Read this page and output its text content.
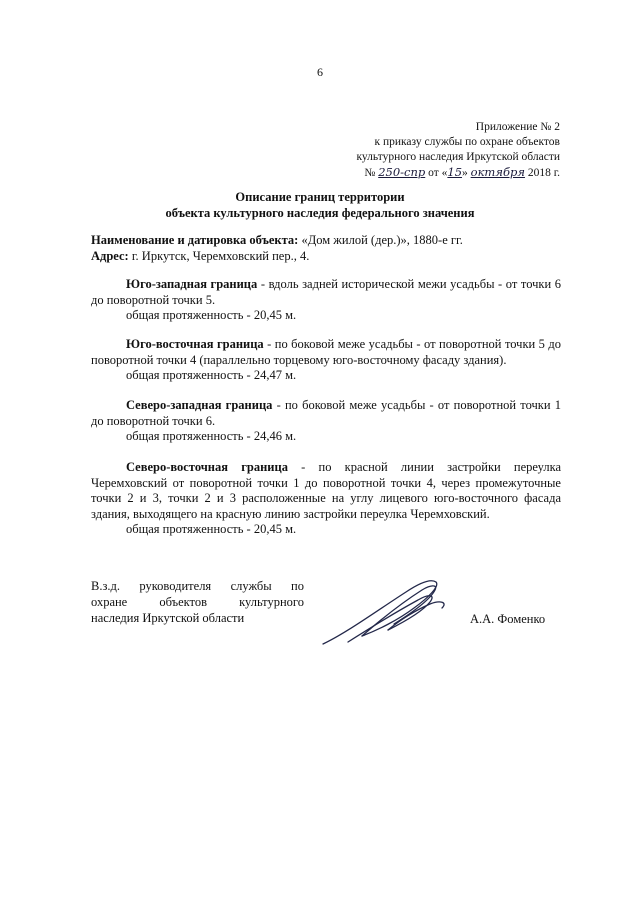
6
Приложение № 2
к приказу службы по охране объектов
культурного наследия Иркутской области
№ 250-спр от «15» октября 2018 г.
Описание границ территории
объекта культурного наследия федерального значения
Наименование и датировка объекта: «Дом жилой (дер.)», 1880-е гг.
Адрес: г. Иркутск, Черемховский пер., 4.
Юго-западная граница - вдоль задней исторической межи усадьбы - от точки 6 до поворотной точки 5.
общая протяженность - 20,45 м.
Юго-восточная граница - по боковой меже усадьбы - от поворотной точки 5 до поворотной точки 4 (параллельно торцевому юго-восточному фасаду здания).
общая протяженность - 24,47 м.
Северо-западная граница - по боковой меже усадьбы - от поворотной точки 1 до поворотной точки 6.
общая протяженность - 24,46 м.
Северо-восточная граница - по красной линии застройки переулка Черемховский от поворотной точки 1 до поворотной точки 4, через промежуточные точки 2 и 3, точки 2 и 3 расположенные на углу лицевого юго-восточного фасада здания, выходящего на красную линию застройки переулка Черемховский.
общая протяженность - 20,45 м.
В.з.д. руководителя службы по
охране объектов культурного
наследия Иркутской области	А.А. Фоменко
